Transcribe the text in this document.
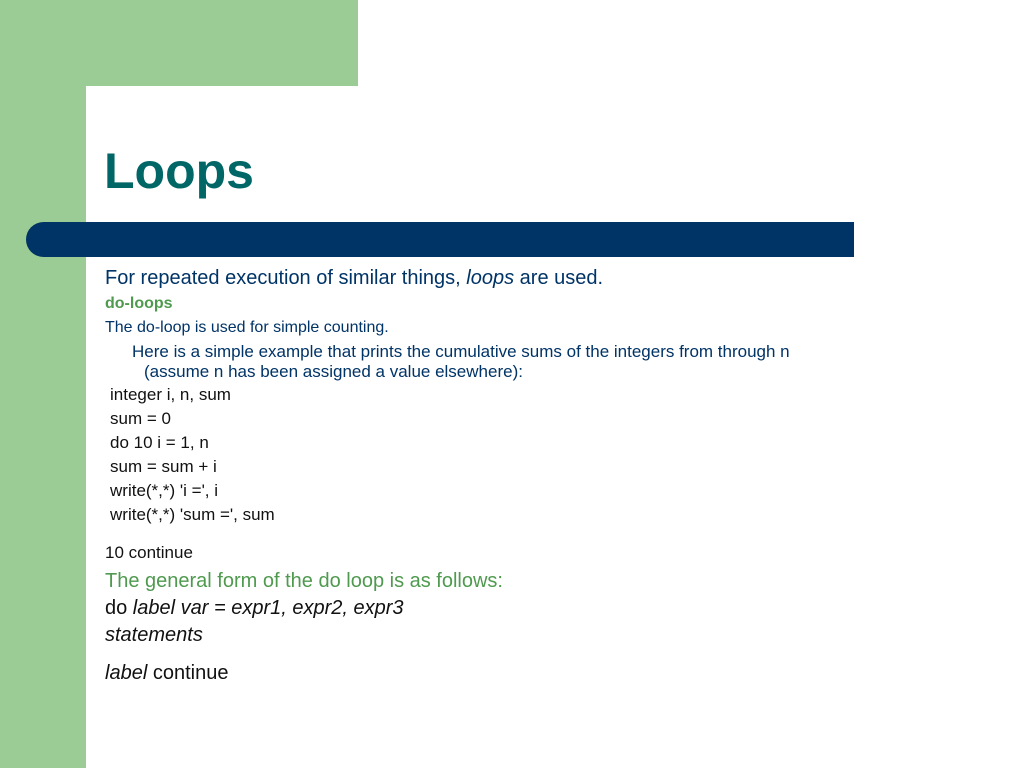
Loops
For repeated execution of similar things, loops are used.
do-loops
The do-loop is used for simple counting.
Here is a simple example that prints the cumulative sums of the integers from through n
(assume n has been assigned a value elsewhere):
integer i, n, sum
sum = 0
do 10 i = 1, n
sum = sum + i
write(*,*) 'i =', i
write(*,*) 'sum =', sum
10 continue
The general form of the do loop is as follows:
do label var = expr1, expr2, expr3
statements
label continue
